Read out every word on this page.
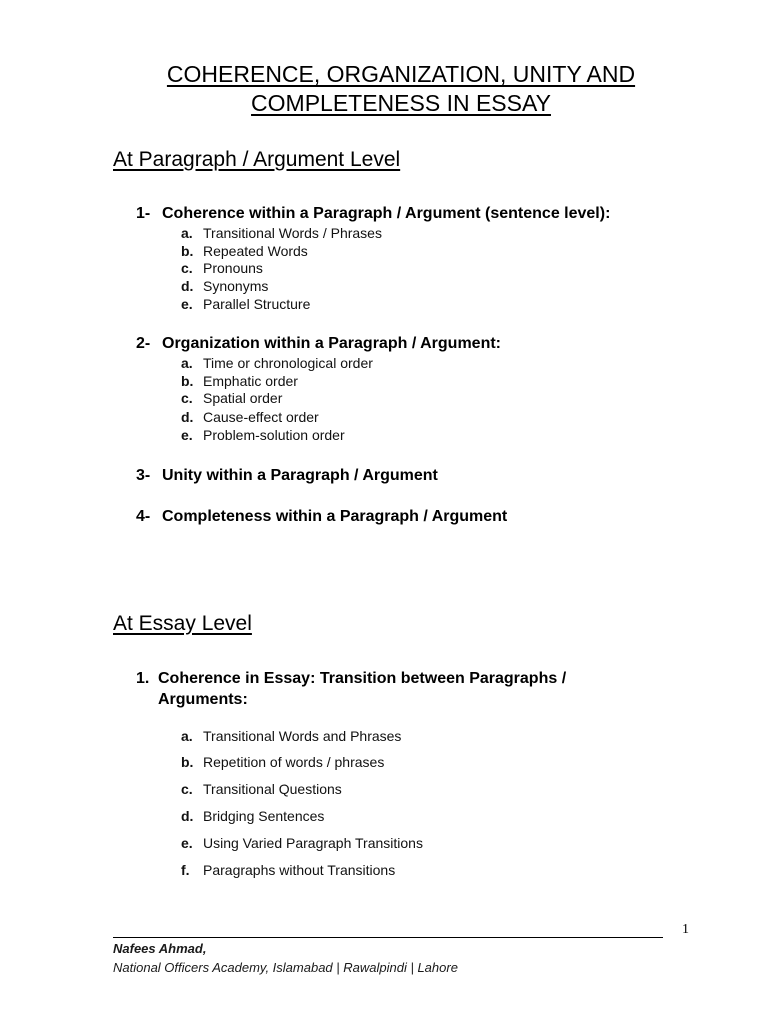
COHERENCE, ORGANIZATION, UNITY AND
COMPLETENESS IN ESSAY
At Paragraph / Argument Level
1- Coherence within a Paragraph / Argument (sentence level):
a. Transitional Words / Phrases
b. Repeated Words
c. Pronouns
d. Synonyms
e. Parallel Structure
2- Organization within a Paragraph / Argument:
a. Time or chronological order
b. Emphatic order
c. Spatial order
d. Cause-effect order
e. Problem-solution order
3- Unity within a Paragraph / Argument
4- Completeness within a Paragraph / Argument
At Essay Level
1. Coherence in Essay: Transition between Paragraphs /
Arguments:
a. Transitional Words and Phrases
b. Repetition of words / phrases
c. Transitional Questions
d. Bridging Sentences
e. Using Varied Paragraph Transitions
f. Paragraphs without Transitions
1
Nafees Ahmad,
National Officers Academy, Islamabad | Rawalpindi | Lahore
